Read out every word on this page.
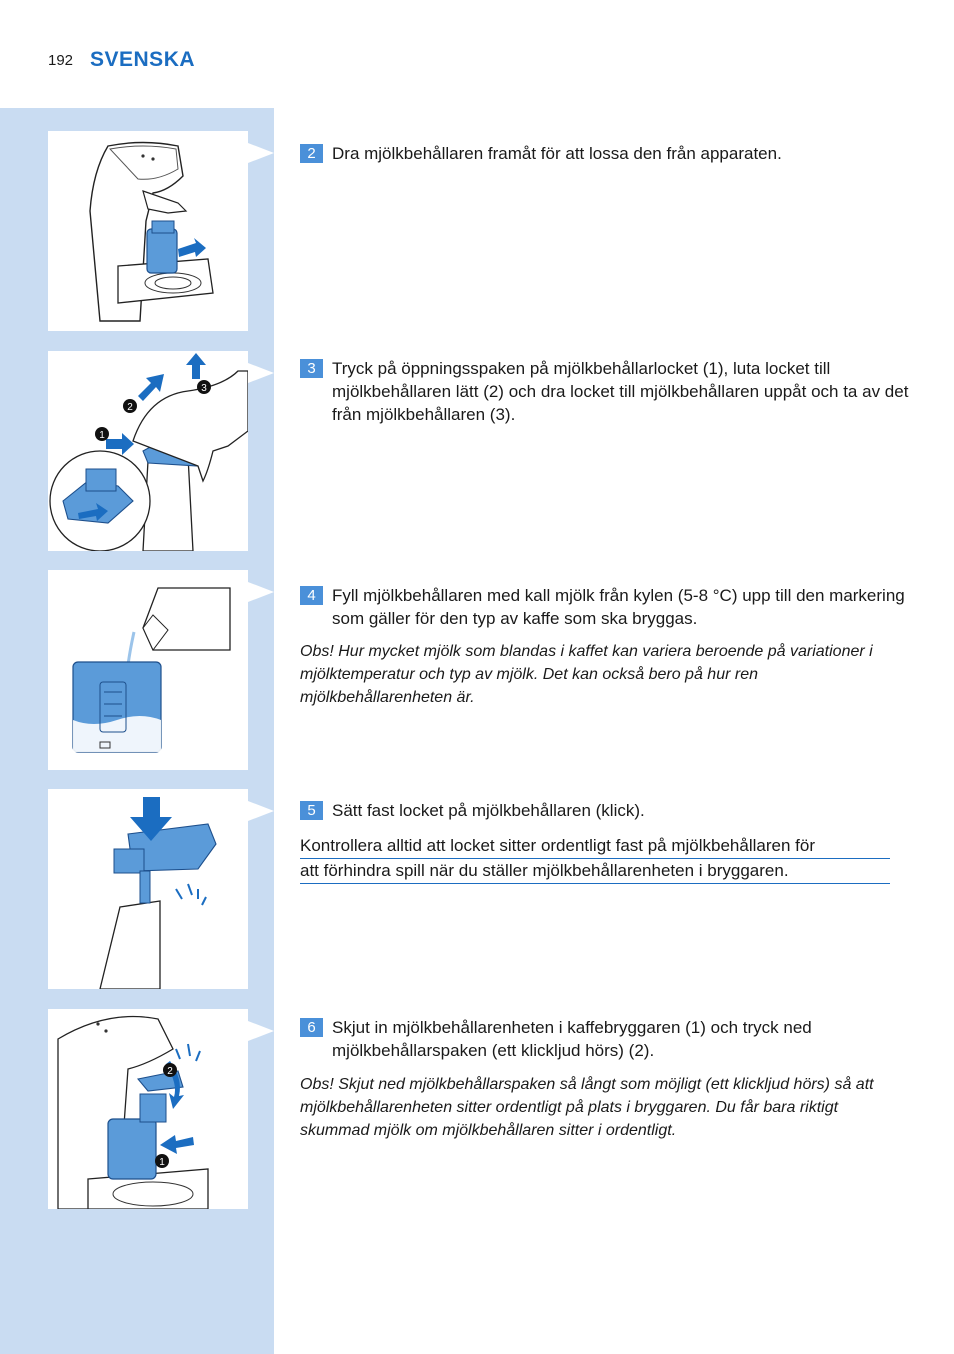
192 SVENSKA
1
2
3
2
1
2 Dra mjölkbehållaren framåt för att lossa den från apparaten.
3 Tryck på öppningsspaken på mjölkbehållarlocket (1), luta locket till mjölkbehållaren lätt (2) och dra locket till mjölkbehållaren uppåt och ta av det från mjölkbehållaren (3).
4 Fyll mjölkbehållaren med kall mjölk från kylen (5-8 °C) upp till den markering som gäller för den typ av kaffe som ska bryggas.
Obs! Hur mycket mjölk som blandas i kaffet kan variera beroende på variationer i mjölktemperatur och typ av mjölk. Det kan också bero på hur ren mjölkbehållarenheten är.
5 Sätt fast locket på mjölkbehållaren (klick).
Kontrollera alltid att locket sitter ordentligt fast på mjölkbehållaren för
att förhindra spill när du ställer mjölkbehållarenheten i bryggaren.
6 Skjut in mjölkbehållarenheten i kaffebryggaren (1) och tryck ned mjölkbehållarspaken (ett klickljud hörs) (2).
Obs! Skjut ned mjölkbehållarspaken så långt som möjligt (ett klickljud hörs) så att mjölkbehållarenheten sitter ordentligt på plats i bryggaren. Du får bara riktigt skummad mjölk om mjölkbehållaren sitter i ordentligt.
